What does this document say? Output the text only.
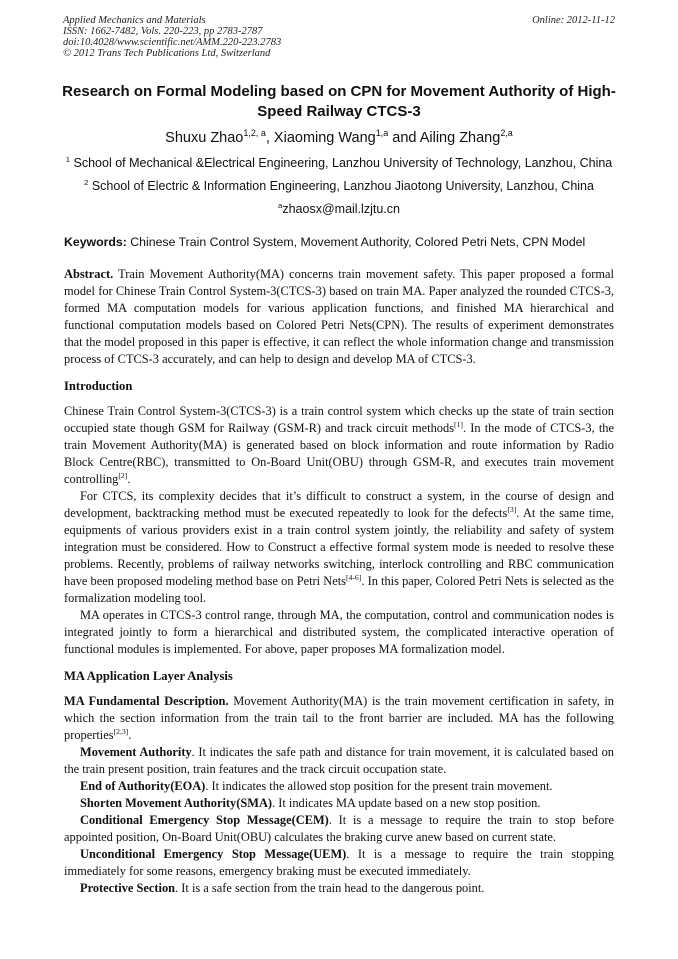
Applied Mechanics and Materials	Online: 2012-11-12
ISSN: 1662-7482, Vols. 220-223, pp 2783-2787
doi:10.4028/www.scientific.net/AMM.220-223.2783
© 2012 Trans Tech Publications Ltd, Switzerland
Research on Formal Modeling based on CPN for Movement Authority of High-Speed Railway CTCS-3
Shuxu Zhao$^{1,2, a}$, Xiaoming Wang$^{1,a}$ and Ailing Zhang$^{2,a}$
$^1$ School of Mechanical &Electrical Engineering, Lanzhou University of Technology, Lanzhou, China
$^2$ School of Electric & Information Engineering, Lanzhou Jiaotong University, Lanzhou, China
$^a$zhaosx@mail.lzjtu.cn
Keywords: Chinese Train Control System, Movement Authority, Colored Petri Nets, CPN Model

Abstract. Train Movement Authority(MA) concerns train movement safety. This paper proposed a formal model for Chinese Train Control System-3(CTCS-3) based on train MA. Paper analyzed the rounded CTCS-3, formed MA computation models for various application functions, and finished MA hierarchical and functional computation models based on Colored Petri Nets(CPN). The results of experiment demonstrates that the model proposed in this paper is effective, it can reflect the whole information change and transmission process of CTCS-3 accurately, and can help to design and develop MA of CTCS-3.

Introduction

Chinese Train Control System-3(CTCS-3) is a train control system which checks up the state of train section occupied state though GSM for Railway (GSM-R) and track circuit methods[1]. In the mode of CTCS-3, the train Movement Authority(MA) is generated based on block information and route information by Radio Block Centre(RBC), transmitted to On-Board Unit(OBU) through GSM-R, and executes train movement controlling[2].

For CTCS, its complexity decides that it’s difficult to construct a system, in the course of design and development, backtracking method must be executed repeatedly to look for the defects[3]. At the same time, equipments of various providers exist in a train control system jointly, the reliability and safety of system integration must be considered. How to Construct a effective formal system mode is needed to resolve these problems. Recently, problems of railway networks switching, interlock controlling and RBC communication have been proposed modeling method base on Petri Nets[4-6]. In this paper, Colored Petri Nets is selected as the formalization modeling tool.

MA operates in CTCS-3 control range, through MA, the computation, control and communication nodes is integrated jointly to form a hierarchical and distributed system, the complicated interactive operation of functional modules is implemented. For above, paper proposes MA formalization model.

MA Application Layer Analysis

MA Fundamental Description. Movement Authority(MA) is the train movement certification in safety, in which the section information from the train tail to the front barrier are included. MA has the following properties[2,3].

Movement Authority. It indicates the safe path and distance for train movement, it is calculated based on the train present position, train features and the track circuit occupation state.

End of Authority(EOA). It indicates the allowed stop position for the present train movement.

Shorten Movement Authority(SMA). It indicates MA update based on a new stop position.

Conditional Emergency Stop Message(CEM). It is a message to require the train to stop before appointed position, On-Board Unit(OBU) calculates the braking curve anew based on current state.

Unconditional Emergency Stop Message(UEM). It is a message to require the train stopping immediately for some reasons, emergency braking must be executed immediately.

Protective Section. It is a safe section from the train head to the dangerous point.
